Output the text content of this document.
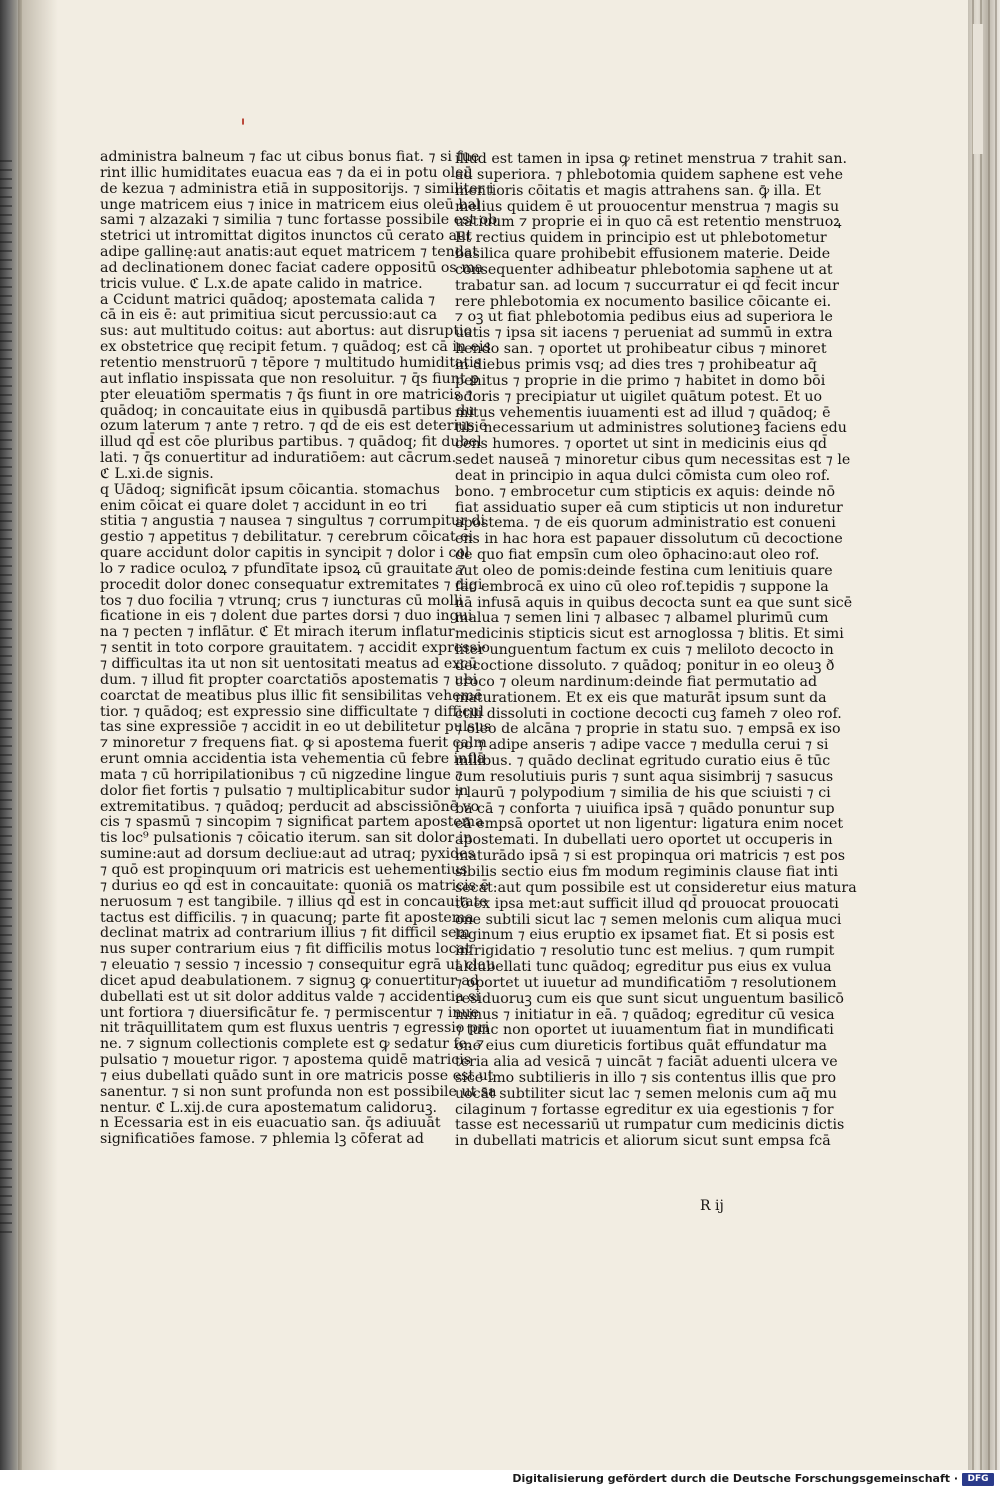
'
administra balneum ⁊ fac ut cibus bonus fiat. ⁊ si fue
rint illic humiditates euacua eas ⁊ da ei in potu oleū
de kezua ⁊ administra etiā in suppositorijs. ⁊ similiter i
unge matricem eius ⁊ inice in matricem eius oleū bal
sami ⁊ alzazaki ⁊ similia ⁊ tunc fortasse possibile est ob
stetrici ut intromittat digitos inunctos cū cerato aut
adipe gallinę:aut anatis:aut equet matricem ⁊ tendat
ad declinationem donec faciat cadere oppositū os ma
tricis vulue. ℭ L.x.de apate calido in matrice.
a Ccidunt matrici quādoq; apostemata calida ⁊
cā in eis ē: aut primitiua sicut percussio:aut ca
sus: aut multitudo coitus: aut abortus: aut disruptio
ex obstetrice quę recipit fetum. ⁊ quādoq; est cā in eis
retentio menstruorū ⁊ tēpore ⁊ multitudo humiditatis
aut inflatio inspissata que non resoluitur. ⁊ q̄s fiunt ꝑ
pter eleuatiōm spermatis ⁊ q̄s fiunt in ore matricis ⁊
quādoq; in concauitate eius in quibusdā partibus du
ozum laterum ⁊ ante ⁊ retro. ⁊ qd̄ de eis est deterius ē
illud qd̄ est cōe pluribus partibus. ⁊ quādoq; fit dubel
lati. ⁊ q̄s conuertitur ad induratiōem: aut cācrum.
ℭ L.xi.de signis.
q Uādoq; significāt ipsum cōicantia. stomachus
enim cōicat ei quare dolet ⁊ accidunt in eo tri
stitia ⁊ angustia ⁊ nausea ⁊ singultus ⁊ corrumpitur di
gestio ⁊ appetitus ⁊ debilitatur. ⁊ cerebrum cōicat ei
quare accidunt dolor capitis in syncipit ⁊ dolor i col
lo ⁊ radice oculoꝝ ⁊ pfundītate ipsoꝝ cū grauitate ⁊
procedit dolor donec consequatur extremitates ⁊ digi
tos ⁊ duo focilia ⁊ vtrunq; crus ⁊ iuncturas cū molli
ficatione in eis ⁊ dolent due partes dorsi ⁊ duo ingui
na ⁊ pecten ⁊ inflātur. ℭ Et mirach iterum inflatur
⁊ sentit in toto corpore grauitatem. ⁊ accidit expressio
⁊ difficultas ita ut non sit uentositati meatus ad excū
dum. ⁊ illud fit propter coarctatiōs apostematis ⁊ ubi
coarctat de meatibus plus illic fit sensibilitas vehemē
tior. ⁊ quādoq; est expressio sine difficultate ⁊ difficul
tas sine expressiōe ⁊ accidit in eo ut debilitetur pulsus
⁊ minoretur ⁊ frequens fiat. ꝙ si apostema fuerit calm
erunt omnia accidentia ista vehementia cū febre inflā
mata ⁊ cū horripilationibus ⁊ cū nigzedine lingue ⁊
dolor fiet fortis ⁊ pulsatio ⁊ multiplicabitur sudor in
extremitatibus. ⁊ quādoq; perducit ad abscissiōnē vo
cis ⁊ spasmū ⁊ sincopim ⁊ significat partem apostema
tis loc⁹ pulsationis ⁊ cōicatio iterum. san sit dolor in
sumine:aut ad dorsum decliue:aut ad utraq; pyxides
⁊ quō est propinquum ori matricis est uehementius
⁊ durius eo qd̄ est in concauitate: quoniā os matricis ē
neruosum ⁊ est tangibile. ⁊ illius qd̄ est in concauitate
tactus est difficilis. ⁊ in quacunq; parte fit apostema
declinat matrix ad contrarium illius ⁊ fit difficil sem
nus super contrarium eius ⁊ fit difficilis motus locat
⁊ eleuatio ⁊ sessio ⁊ incessio ⁊ consequitur egrā ut clau
dicet apud deabulationem. ⁊ signuꝫ ꝙ conuertitur ad
dubellati est ut sit dolor additus valde ⁊ accidentia si
unt fortiora ⁊ diuersificātur fe. ⁊ permiscentur ⁊ inue
nit trāquillitatem qum est fluxus uentris ⁊ egressio pri
ne. ⁊ signum collectionis complete est ꝙ sedatur fe. ⁊
pulsatio ⁊ mouetur rigor. ⁊ apostema quidē matricis
⁊ eius dubellati quādo sunt in ore matricis posse est ut
sanentur. ⁊ si non sunt profunda non est possibile ut sa
nentur. ℭ L.xij.de cura apostematum calidoruꝫ.
n Ecessaria est in eis euacuatio san. q̄s adiuuāt
significatiōes famose. ⁊ phlemia lꝫ cōferat ad
illud est tamen in ipsa ꝙ retinet menstrua ⁊ trahit san.
ad superiora. ⁊ phlebotomia quidem saphene est vehe
mentioris cōitatis et magis attrahens san. ꝙ̄ illa. Et
melius quidem ē ut prouocentur menstrua ⁊ magis su
uatiuum ⁊ proprie ei in quo cā est retentio menstruoꝝ
Et rectius quidem in principio est ut phlebotometur
basilica quare prohibebit effusionem materie. Deide
consequenter adhibeatur phlebotomia saphene ut at
trabatur san. ad locum ⁊ succurratur ei qd̄ fecit incur
rere phlebotomia ex nocumento basilice cōicante ei.
⁊ oꝫ ut fiat phlebotomia pedibus eius ad superiora le
uatis ⁊ ipsa sit iacens ⁊ perueniat ad summū in extra
hendo san. ⁊ oportet ut prohibeatur cibus ⁊ minoret
in diebus primis vsq; ad dies tres ⁊ prohibeatur aq̄
penitus ⁊ proprie in die primo ⁊ habitet in domo bōi
odoris ⁊ precipiatur ut uigilet quātum potest. Et uo
mitus vehementis iuuamenti est ad illud ⁊ quādoq; ē
tibi necessarium ut administres solutioneꝫ faciens edu
cens humores. ⁊ oportet ut sint in medicinis eius qd̄
sedet nauseā ⁊ minoretur cibus qum necessitas est ⁊ le
deat in principio in aqua dulci cōmista cum oleo rof.
bono. ⁊ embrocetur cum stipticis ex aquis: deinde nō
fiat assiduatio super eā cum stipticis ut non induretur
apostema. ⁊ de eis quorum administratio est conueni
ens in hac hora est papauer dissolutum cū decoctione
de quo fiat empsīn cum oleo ōphacino:aut oleo rof.
aut oleo de pomis:deinde festina cum lenitiuis quare
fac embrocā ex uino cū oleo rof.tepidis ⁊ suppone la
nā infusā aquis in quibus decocta sunt ea que sunt sicē
malua ⁊ semen lini ⁊ albasec ⁊ albamel plurimū cum
medicinis stipticis sicut est arnoglossa ⁊ blitis. Et simi
liter unguentum factum ex cuis ⁊ meliloto decocto in
decoctione dissoluto. ⁊ quādoq; ponitur in eo oleuꝫ ð
croco ⁊ oleum nardinum:deinde fiat permutatio ad
maturationem. Et ex eis que maturāt ipsum sunt da
ctili dissoluti in coctione decocti cuꝫ fameh ⁊ oleo rof.
⁊ oleo de alcāna ⁊ proprie in statu suo. ⁊ empsā ex iso
po ⁊ adipe anseris ⁊ adipe vacce ⁊ medulla cerui ⁊ si
milibus. ⁊ quādo declinat egritudo curatio eius ē tūc
cum resolutiuis puris ⁊ sunt aqua sisimbrij ⁊ sasucus
⁊ laurū ⁊ polypodium ⁊ similia de his que sciuisti ⁊ ci
ba cā ⁊ conforta ⁊ uiuifica ipsā ⁊ quādo ponuntur sup
eā empsā oportet ut non ligentur: ligatura enim nocet
apostemati. In dubellati uero oportet ut occuperis in
maturādo ipsā ⁊ si est propinqua ori matricis ⁊ est pos
sibilis sectio eius fm modum regiminis clause fiat inti
secat:aut qum possibile est ut consideretur eius matura
tō ex ipsa met:aut sufficit illud qd̄ prouocat prouocati
one subtili sicut lac ⁊ semen melonis cum aliqua muci
laginum ⁊ eius eruptio ex ipsamet fiat. Et si posis est
infrigidatio ⁊ resolutio tunc est melius. ⁊ qum rumpit
aldubellati tunc quādoq; egreditur pus eius ex vulua
⁊ oportet ut iuuetur ad mundificatiōm ⁊ resolutionem
residuoruꝫ cum eis que sunt sicut unguentum basilicō
minus ⁊ initiatur in eā. ⁊ quādoq; egreditur cū vesica
⁊ tunc non oportet ut iuuamentum fiat in mundificati
one eius cum diureticis fortibus quāt effundatur ma
teria alia ad vesicā ⁊ uincāt ⁊ faciāt aduenti ulcera ve
sice imo subtilieris in illo ⁊ sis contentus illis que pro
uocāt subtiliter sicut lac ⁊ semen melonis cum aq̄ mu
cilaginum ⁊ fortasse egreditur ex uia egestionis ⁊ for
tasse est necessariū ut rumpatur cum medicinis dictis
in dubellati matricis et aliorum sicut sunt empsa fcā
R ij
Digitalisierung gefördert durch die Deutsche Forschungsgemeinschaft ·	DFG
